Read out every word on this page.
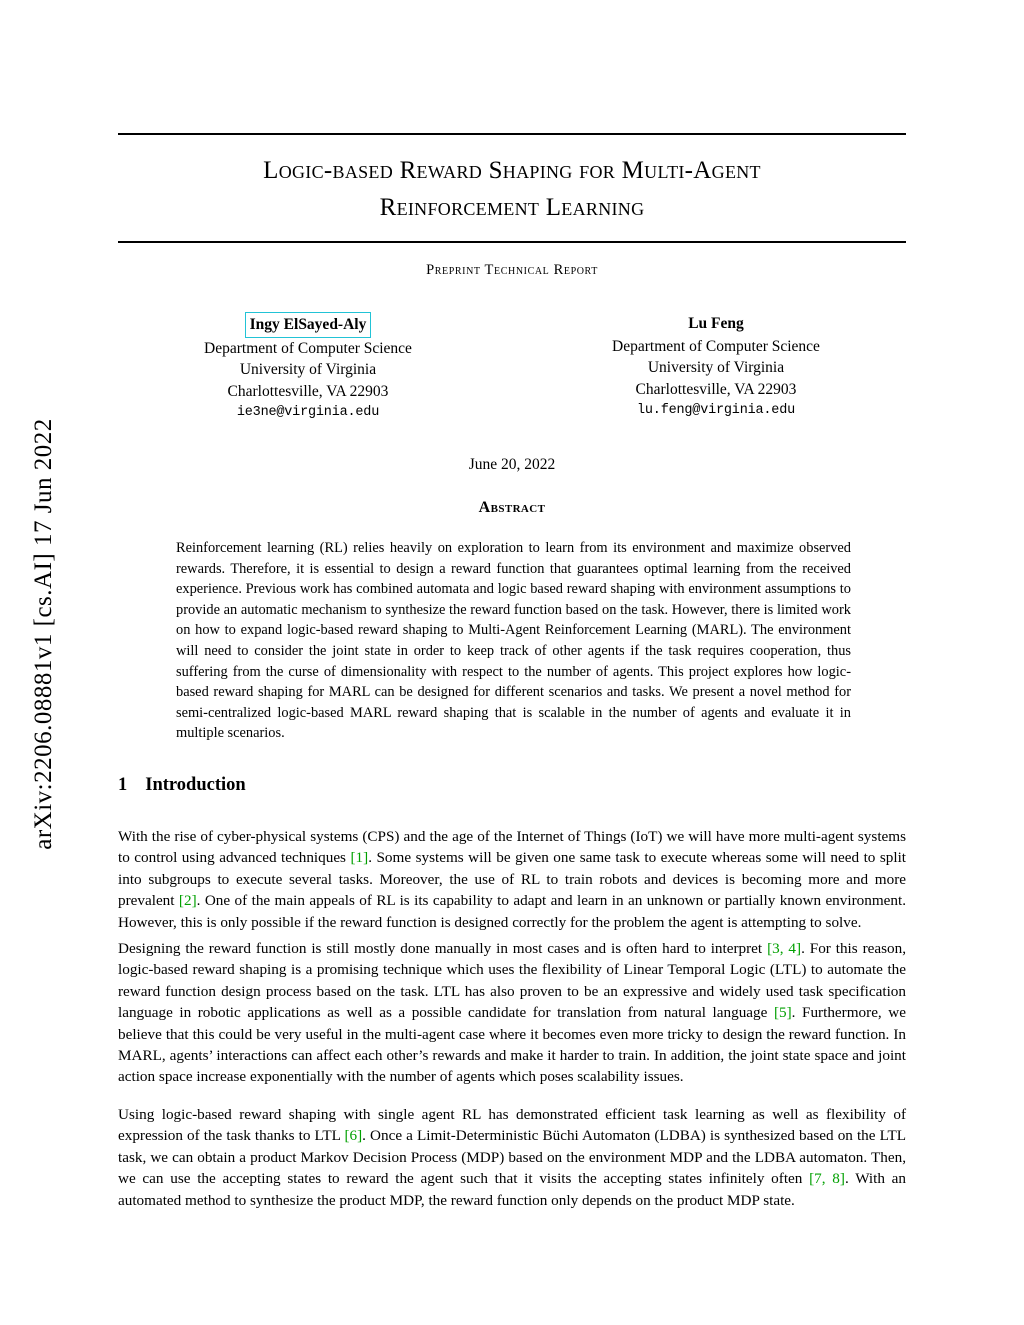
arXiv:2206.08881v1 [cs.AI] 17 Jun 2022
Logic-based Reward Shaping for Multi-Agent
Reinforcement Learning
Preprint Technical Report
Ingy ElSayed-Aly
Department of Computer Science
University of Virginia
Charlottesville, VA 22903
ie3ne@virginia.edu
Lu Feng
Department of Computer Science
University of Virginia
Charlottesville, VA 22903
lu.feng@virginia.edu
June 20, 2022
Abstract
Reinforcement learning (RL) relies heavily on exploration to learn from its environment and maximize observed rewards. Therefore, it is essential to design a reward function that guarantees optimal learning from the received experience. Previous work has combined automata and logic based reward shaping with environment assumptions to provide an automatic mechanism to synthesize the reward function based on the task. However, there is limited work on how to expand logic-based reward shaping to Multi-Agent Reinforcement Learning (MARL). The environment will need to consider the joint state in order to keep track of other agents if the task requires cooperation, thus suffering from the curse of dimensionality with respect to the number of agents. This project explores how logic-based reward shaping for MARL can be designed for different scenarios and tasks. We present a novel method for semi-centralized logic-based MARL reward shaping that is scalable in the number of agents and evaluate it in multiple scenarios.
1 Introduction

With the rise of cyber-physical systems (CPS) and the age of the Internet of Things (IoT) we will have more multi-agent systems to control using advanced techniques [1]. Some systems will be given one same task to execute whereas some will need to split into subgroups to execute several tasks. Moreover, the use of RL to train robots and devices is becoming more and more prevalent [2]. One of the main appeals of RL is its capability to adapt and learn in an unknown or partially known environment. However, this is only possible if the reward function is designed correctly for the problem the agent is attempting to solve.

Designing the reward function is still mostly done manually in most cases and is often hard to interpret [3, 4]. For this reason, logic-based reward shaping is a promising technique which uses the flexibility of Linear Temporal Logic (LTL) to automate the reward function design process based on the task. LTL has also proven to be an expressive and widely used task specification language in robotic applications as well as a possible candidate for translation from natural language [5]. Furthermore, we believe that this could be very useful in the multi-agent case where it becomes even more tricky to design the reward function. In MARL, agents’ interactions can affect each other’s rewards and make it harder to train. In addition, the joint state space and joint action space increase exponentially with the number of agents which poses scalability issues.

Using logic-based reward shaping with single agent RL has demonstrated efficient task learning as well as flexibility of expression of the task thanks to LTL [6]. Once a Limit-Deterministic Büchi Automaton (LDBA) is synthesized based on the LTL task, we can obtain a product Markov Decision Process (MDP) based on the environment MDP and the LDBA automaton. Then, we can use the accepting states to reward the agent such that it visits the accepting states infinitely often [7, 8]. With an automated method to synthesize the product MDP, the reward function only depends on the product MDP state.
